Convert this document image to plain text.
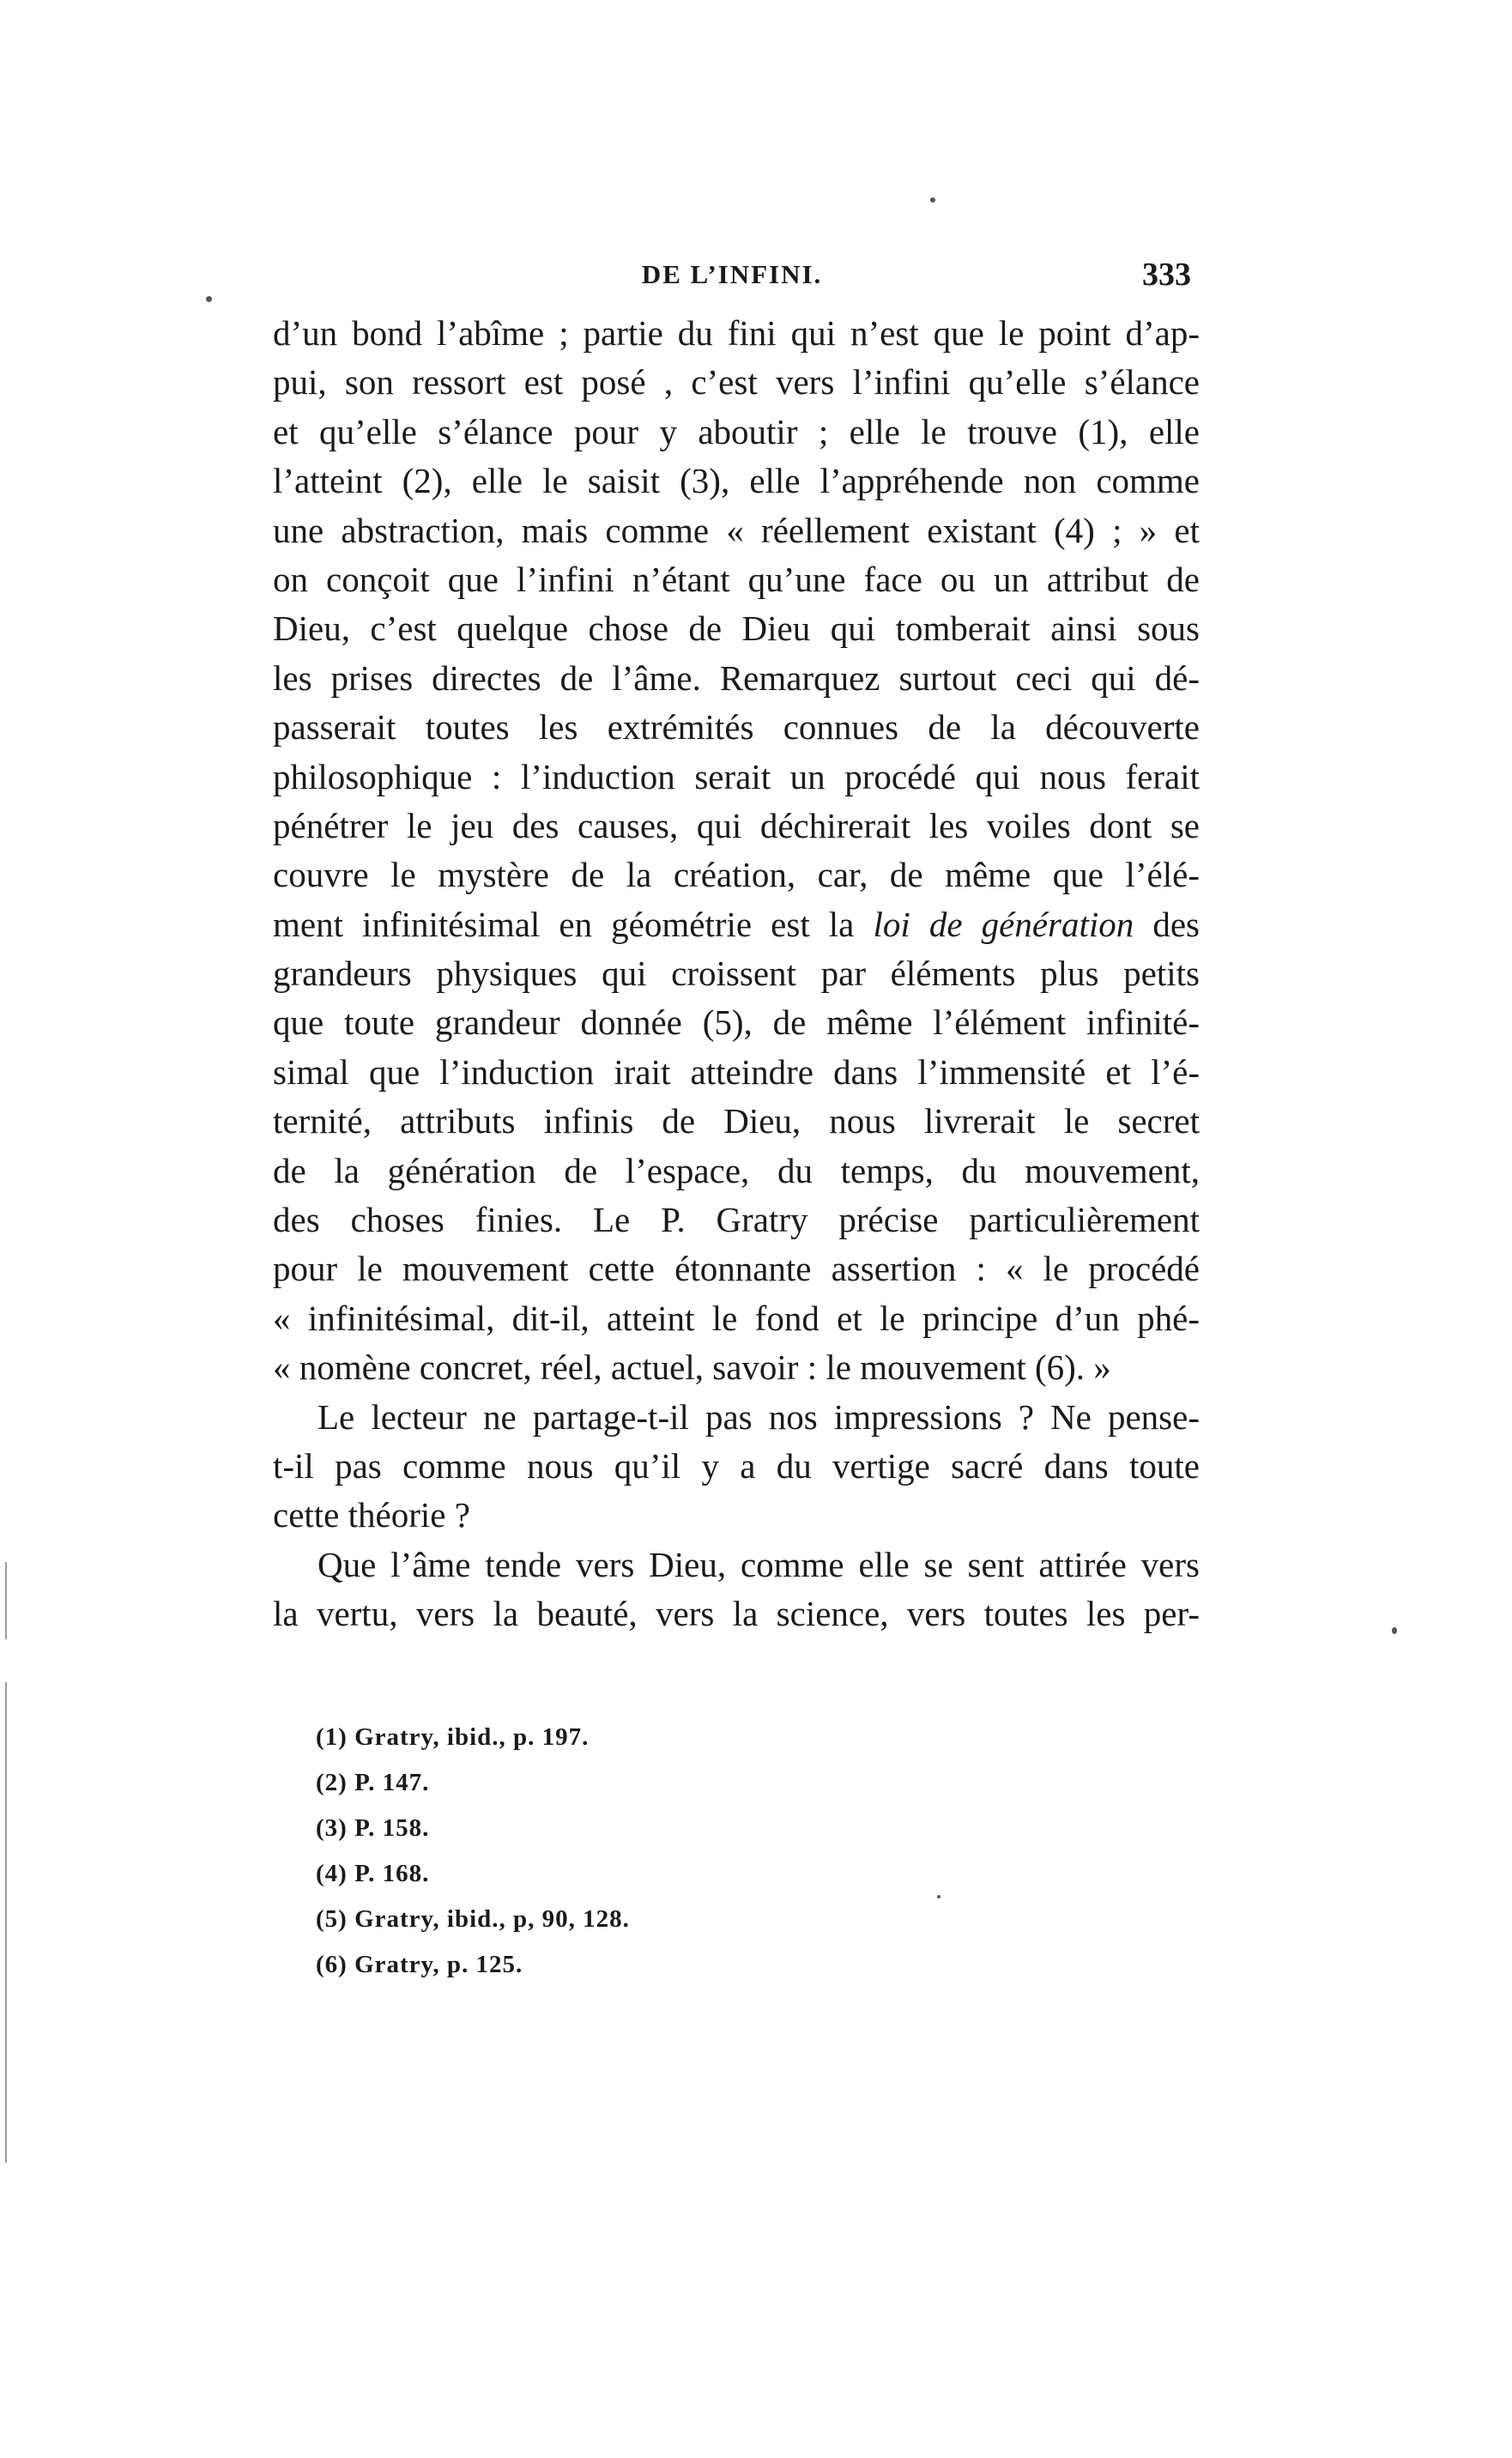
DE L’INFINI.	333
d’un bond l’abîme ; partie du fini qui n’est que le point d’ap-
pui, son ressort est posé , c’est vers l’infini qu’elle s’élance
et qu’elle s’élance pour y aboutir ; elle le trouve (1), elle
l’atteint (2), elle le saisit (3), elle l’appréhende non comme
une abstraction, mais comme « réellement existant (4) ; » et
on conçoit que l’infini n’étant qu’une face ou un attribut de
Dieu, c’est quelque chose de Dieu qui tomberait ainsi sous
les prises directes de l’âme. Remarquez surtout ceci qui dé-
passerait toutes les extrémités connues de la découverte
philosophique : l’induction serait un procédé qui nous ferait
pénétrer le jeu des causes, qui déchirerait les voiles dont se
couvre le mystère de la création, car, de même que l’élé-
ment infinitésimal en géométrie est la loi de génération des
grandeurs physiques qui croissent par éléments plus petits
que toute grandeur donnée (5), de même l’élément infinité-
simal que l’induction irait atteindre dans l’immensité et l’é-
ternité, attributs infinis de Dieu, nous livrerait le secret
de la génération de l’espace, du temps, du mouvement,
des choses finies. Le P. Gratry précise particulièrement
pour le mouvement cette étonnante assertion : « le procédé
« infinitésimal, dit-il, atteint le fond et le principe d’un phé-
« nomène concret, réel, actuel, savoir : le mouvement (6). »
Le lecteur ne partage-t-il pas nos impressions ? Ne pense-
t-il pas comme nous qu’il y a du vertige sacré dans toute
cette théorie ?
Que l’âme tende vers Dieu, comme elle se sent attirée vers
la vertu, vers la beauté, vers la science, vers toutes les per-
(1) Gratry, ibid., p. 197.
(2) P. 147.
(3) P. 158.
(4) P. 168.
(5) Gratry, ibid., p, 90, 128.
(6) Gratry, p. 125.
